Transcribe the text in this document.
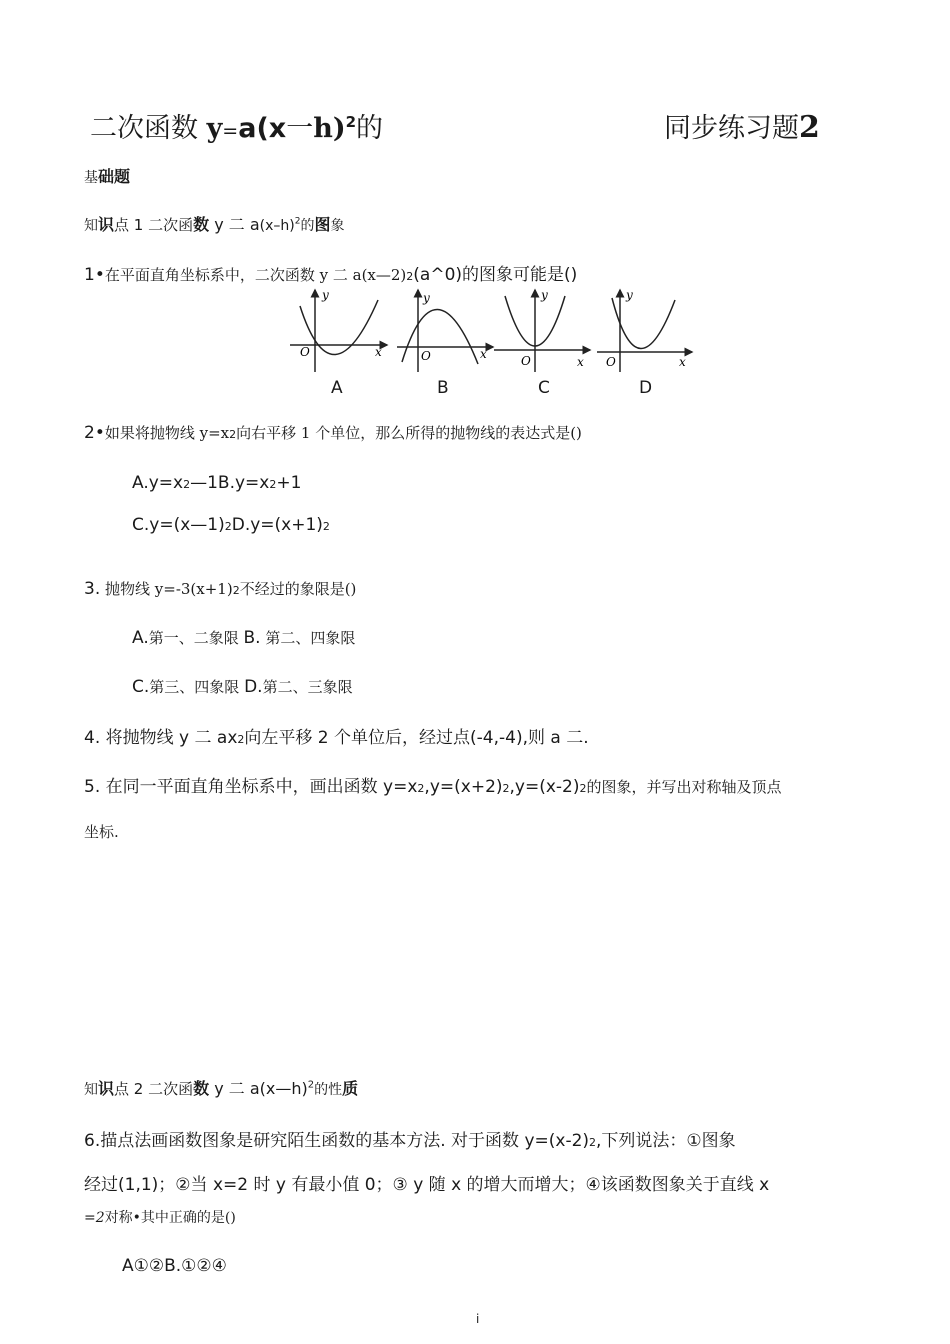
二次函数 y=a(x一h)$^2$的	同步练习题2
基础题
知识点 1 二次函数 y 二 $a(x-h)^2$的图象
1•在平面直角坐标系中，二次函数 y 二 a(x—2)2(a^0)的图象可能是()
y
x
O
y
x
O
y
x
O
y
x
O
A	B	C	D
2•如果将抛物线 y=x2向右平移 1 个单位，那么所得的抛物线的表达式是()
A.y=x2—1B.y=x2+1
C.y=(x—1)2D.y=(x+1)2
3. 抛物线 y=-3(x+1)2不经过的象限是()
A.第一、二象限 B. 第二、四象限
C.第三、四象限 D.第二、三象限
4. 将抛物线 y 二 ax2向左平移 2 个单位后，经过点(-4,-4),则 a 二.
5. 在同一平面直角坐标系中，画出函数 y=x2,y=(x+2)2,y=(x-2)2的图象，并写出对称轴及顶点
坐标.
知识点 2 二次函数 y 二 a(x—h)$^2$的性质
6.描点法画函数图象是研究陌生函数的基本方法. 对于函数 y=(x-2)2,下列说法：①图象
经过(1,1)；②当 x=2 时 y 有最小值 0；③ y 随 x 的增大而增大；④该函数图象关于直线 x
=2对称•其中正确的是()
A①②B.①②④
i
